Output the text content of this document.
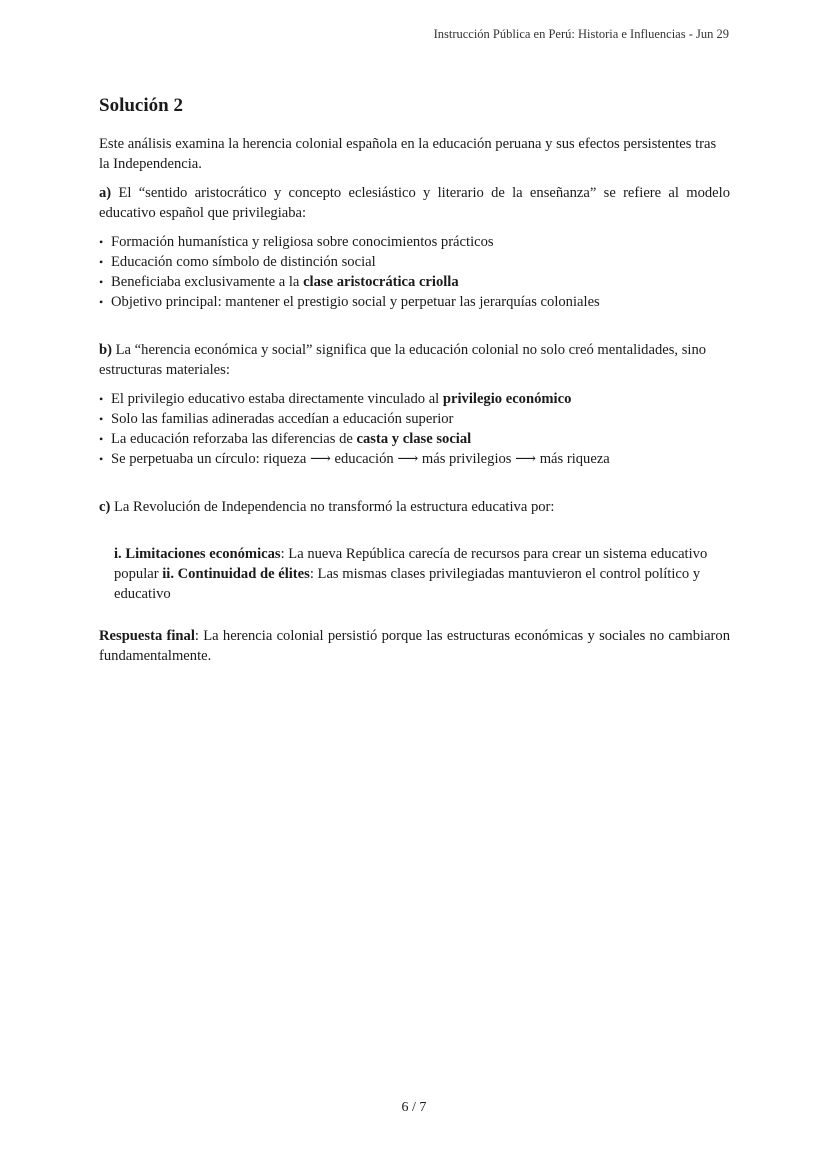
Instrucción Pública en Perú: Historia e Influencias - Jun 29
Solución 2

Este análisis examina la herencia colonial española en la educación peruana y sus efectos persistentes tras la Independencia.

a) El “sentido aristocrático y concepto eclesiástico y literario de la enseñanza” se refiere al modelo educativo español que privilegiaba:

• Formación humanística y religiosa sobre conocimientos prácticos
• Educación como símbolo de distinción social
• Beneficiaba exclusivamente a la clase aristocrática criolla
• Objetivo principal: mantener el prestigio social y perpetuar las jerarquías coloniales

b) La “herencia económica y social” significa que la educación colonial no solo creó mentalidades, sino estructuras materiales:

• El privilegio educativo estaba directamente vinculado al privilegio económico
• Solo las familias adineradas accedían a educación superior
• La educación reforzaba las diferencias de casta y clase social
• Se perpetuaba un círculo: riqueza ⟶ educación ⟶ más privilegios ⟶ más riqueza

c) La Revolución de Independencia no transformó la estructura educativa por:

i. Limitaciones económicas: La nueva República carecía de recursos para crear un sistema educativo popular ii. Continuidad de élites: Las mismas clases privilegiadas mantuvieron el control político y educativo

Respuesta final: La herencia colonial persistió porque las estructuras económicas y sociales no cambiaron fundamentalmente.

6 / 7
